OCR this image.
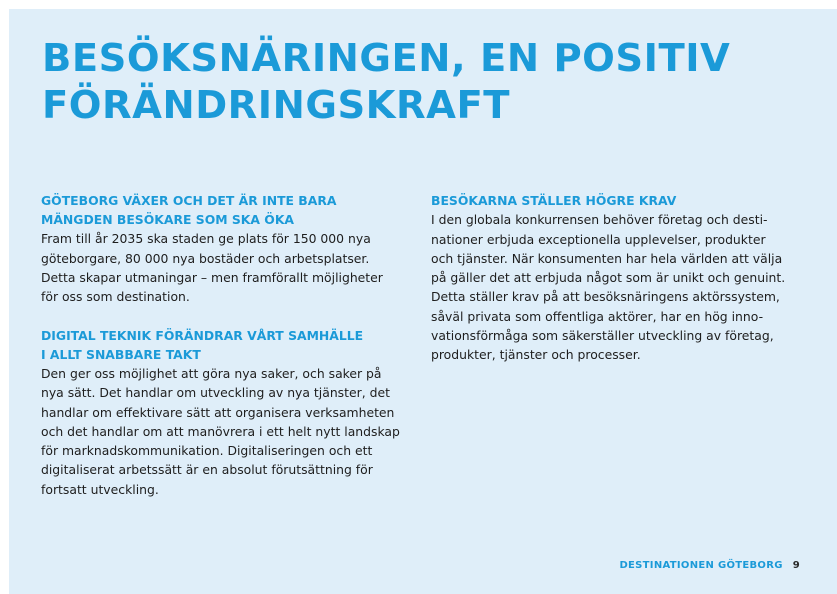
BESÖKSNÄRINGEN, EN POSITIV
FÖRÄNDRINGSKRAFT

GÖTEBORG VÄXER OCH DET ÄR INTE BARA
MÄNGDEN BESÖKARE SOM SKA ÖKA

Fram till år 2035 ska staden ge plats för 150 000 nya
göteborgare, 80 000 nya bostäder och arbetsplatser.
Detta skapar utmaningar – men framförallt möjligheter
för oss som destination.

DIGITAL TEKNIK FÖRÄNDRAR VÅRT SAMHÄLLE
I ALLT SNABBARE TAKT

Den ger oss möjlighet att göra nya saker, och saker på
nya sätt. Det handlar om utveckling av nya tjänster, det
handlar om effektivare sätt att organisera verksamheten
och det handlar om att manövrera i ett helt nytt landskap
för marknadskommunikation. Digitaliseringen och ett
digitaliserat arbetssätt är en absolut förutsättning för
fortsatt utveckling.

BESÖKARNA STÄLLER HÖGRE KRAV

I den globala konkurrensen behöver företag och desti-
nationer erbjuda exceptionella upplevelser, produkter
och tjänster. När konsumenten har hela världen att välja
på gäller det att erbjuda något som är unikt och genuint.
Detta ställer krav på att besöksnäringens aktörssystem,
såväl privata som offentliga aktörer, har en hög inno-
vationsförmåga som säkerställer utveckling av företag,
produkter, tjänster och processer.

DESTINATIONEN GÖTEBORG 9
